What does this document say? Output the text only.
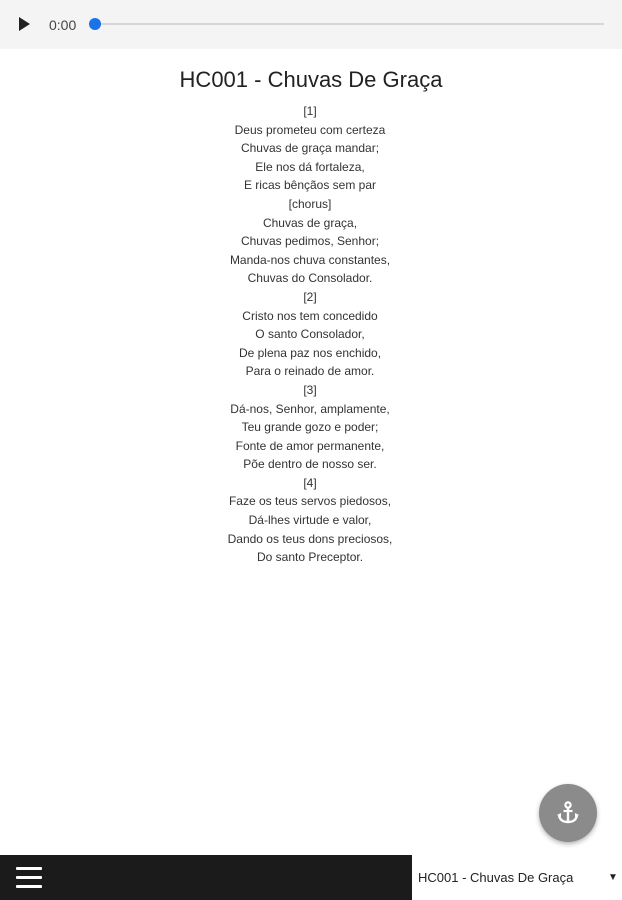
0:00
HC001 - Chuvas De Graça
[1]
Deus prometeu com certeza
Chuvas de graça mandar;
Ele nos dá fortaleza,
E ricas bênçãos sem par
[chorus]
Chuvas de graça,
Chuvas pedimos, Senhor;
Manda-nos chuva constantes,
Chuvas do Consolador.
[2]
Cristo nos tem concedido
O santo Consolador,
De plena paz nos enchido,
Para o reinado de amor.
[3]
Dá-nos, Senhor, amplamente,
Teu grande gozo e poder;
Fonte de amor permanente,
Põe dentro de nosso ser.
[4]
Faze os teus servos piedosos,
Dá-lhes virtude e valor,
Dando os teus dons preciosos,
Do santo Preceptor.
HC001 - Chuvas De Graça	▼
